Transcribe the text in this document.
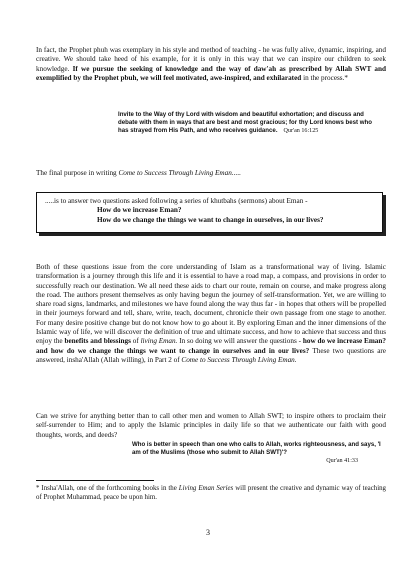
In fact, the Prophet phuh was exemplary in his style and method of teaching - he was fully alive, dynamic, inspiring, and creative. We should take heed of his example, for it is only in this way that we can inspire our children to seek knowledge. If we pursue the seeking of knowledge and the way of daw'ah as prescribed by Allah SWT and exemplified by the Prophet pbuh, we will feel motivated, awe-inspired, and exhilarated in the process.*

Invite to the Way of thy Lord with wisdom and beautiful exhortation; and discuss and debate with them in ways that are best and most gracious; for thy Lord knows best who has strayed from His Path, and who receives guidance. Qur'an 16:125

The final purpose in writing Come to Success Through Living Eman.....

.....is to answer two questions asked following a series of khutbahs (sermons) about Eman -
How do we increase Eman?
How do we change the things we want to change in ourselves, in our lives?

Both of these questions issue from the core understanding of Islam as a transformational way of living. Islamic transformation is a journey through this life and it is essential to have a road map, a compass, and provisions in order to successfully reach our destination. We all need these aids to chart our route, remain on course, and make progress along the road. The authors present themselves as only having begun the journey of self-transformation. Yet, we are willing to share road signs, landmarks, and milestones we have found along the way thus far - in hopes that others will be propelled in their journeys forward and tell, share, write, teach, document, chronicle their own passage from one stage to another. For many desire positive change but do not know how to go about it. By exploring Eman and the inner dimensions of the Islamic way of life, we will discover the definition of true and ultimate success, and how to achieve that success and thus enjoy the benefits and blessings of living Eman. In so doing we will answer the questions - how do we increase Eman? and how do we change the things we want to change in ourselves and in our lives? These two questions are answered, insha'Allah (Allah willing), in Part 2 of Come to Success Through Living Eman.

Can we strive for anything better than to call other men and women to Allah SWT; to inspire others to proclaim their self-surrender to Him; and to apply the Islamic principles in daily life so that we authenticate our faith with good thoughts, words, and deeds?

Who is better in speech than one who calls to Allah, works righteousness, and says, 'I am of the Muslims (those who submit to Allah SWT)'?
Qur'an 41:33

* Insha'Allah, one of the forthcoming books in the Living Eman Series will present the creative and dynamic way of teaching of Prophet Muhammad, peace be upon him.

3
